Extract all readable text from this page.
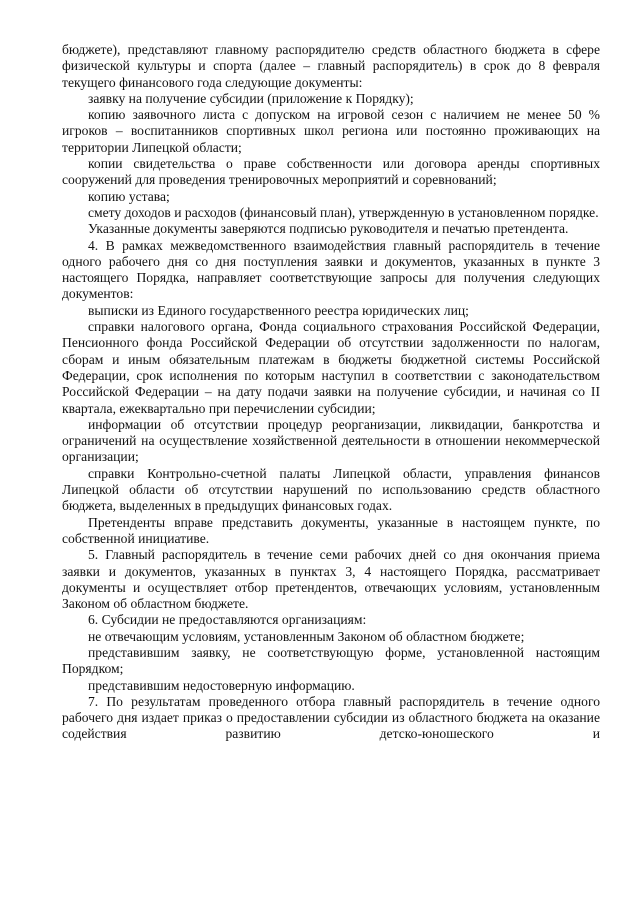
бюджете), представляют главному распорядителю средств областного бюджета в сфере физической культуры и спорта (далее – главный распорядитель) в срок до 8 февраля текущего финансового года следующие документы:

заявку на получение субсидии (приложение к Порядку);

копию заявочного листа с допуском на игровой сезон с наличием не менее 50 % игроков – воспитанников спортивных школ региона или постоянно проживающих на территории Липецкой области;

копии свидетельства о праве собственности или договора аренды спортивных сооружений для проведения тренировочных мероприятий и соревнований;

копию устава;

смету доходов и расходов (финансовый план), утвержденную в установленном порядке.

Указанные документы заверяются подписью руководителя и печатью претендента.

4. В рамках межведомственного взаимодействия главный распорядитель в течение одного рабочего дня со дня поступления заявки и документов, указанных в пункте 3 настоящего Порядка, направляет соответствующие запросы для получения следующих документов:

выписки из Единого государственного реестра юридических лиц;

справки налогового органа, Фонда социального страхования Российской Федерации, Пенсионного фонда Российской Федерации об отсутствии задолженности по налогам, сборам и иным обязательным платежам в бюджеты бюджетной системы Российской Федерации, срок исполнения по которым наступил в соответствии с законодательством Российской Федерации – на дату подачи заявки на получение субсидии, и начиная со II квартала, ежеквартально при перечислении субсидии;

информации об отсутствии процедур реорганизации, ликвидации, банкротства и ограничений на осуществление хозяйственной деятельности в отношении некоммерческой организации;

справки Контрольно-счетной палаты Липецкой области, управления финансов Липецкой области об отсутствии нарушений по использованию средств областного бюджета, выделенных в предыдущих финансовых годах.

Претенденты вправе представить документы, указанные в настоящем пункте, по собственной инициативе.

5. Главный распорядитель в течение семи рабочих дней со дня окончания приема заявки и документов, указанных в пунктах 3, 4 настоящего Порядка, рассматривает документы и осуществляет отбор претендентов, отвечающих условиям, установленным Законом об областном бюджете.

6. Субсидии не предоставляются организациям:

не отвечающим условиям, установленным Законом об областном бюджете;

представившим заявку, не соответствующую форме, установленной настоящим Порядком;

представившим недостоверную информацию.

7. По результатам проведенного отбора главный распорядитель в течение одного рабочего дня издает приказ о предоставлении субсидии из областного бюджета на оказание содействия развитию детско-юношеского и
